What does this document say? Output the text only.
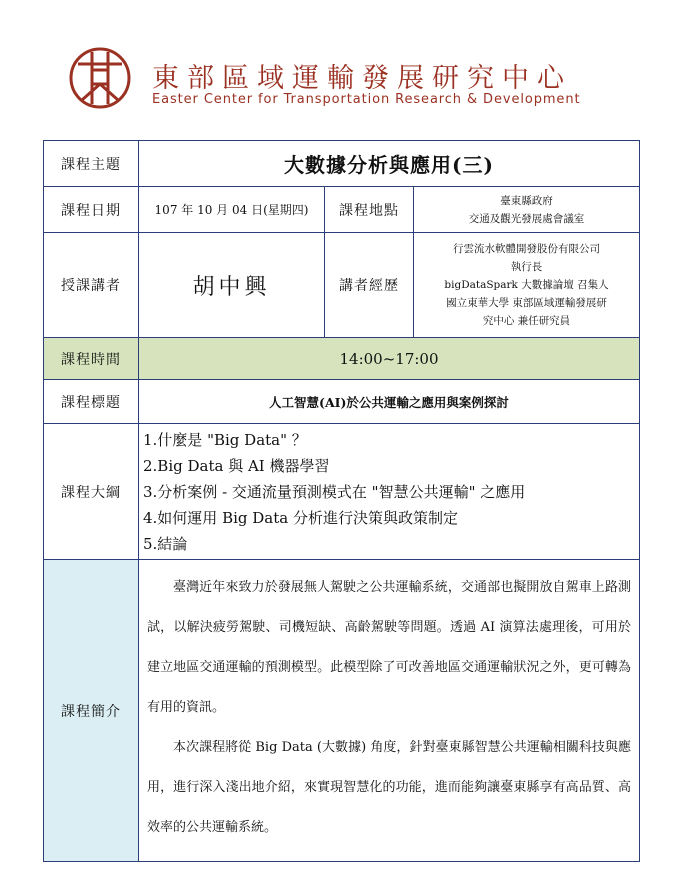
東部區域運輸發展研究中心
Easter Center for Transportation Research & Development
課程主題	大數據分析與應用(三)		
課程日期	107 年 10 月 04 日(星期四)	課程地點	臺東縣政府
交通及觀光發展處會議室

授課講者	胡中興	講者經歷	行雲流水軟體開發股份有限公司
執行長
bigDataSpark 大數據論壇 召集人
國立東華大學 東部區域運輸發展研
究中心 兼任研究員

課程時間	14:00~17:00		
課程標題	人工智慧(AI)於公共運輸之應用與案例探討		
課程大綱	1.什麼是 "Big Data" ？
2.Big Data 與 AI 機器學習
3.分析案例 - 交通流量預測模式在 "智慧公共運輸" 之應用
4.如何運用 Big Data 分析進行決策與政策制定
5.結論		

課程簡介	臺灣近年來致力於發展無人駕駛之公共運輸系統，交通部也擬開放自駕車上路測試，以解決疲勞駕駛、司機短缺、高齡駕駛等問題。透過 AI 演算法處理後，可用於建立地區交通運輸的預測模型。此模型除了可改善地區交通運輸狀況之外，更可轉為有用的資訊。

本次課程將從 Big Data (大數據) 角度，針對臺東縣智慧公共運輸相關科技與應用，進行深入淺出地介紹，來實現智慧化的功能，進而能夠讓臺東縣享有高品質、高效率的公共運輸系統。		
